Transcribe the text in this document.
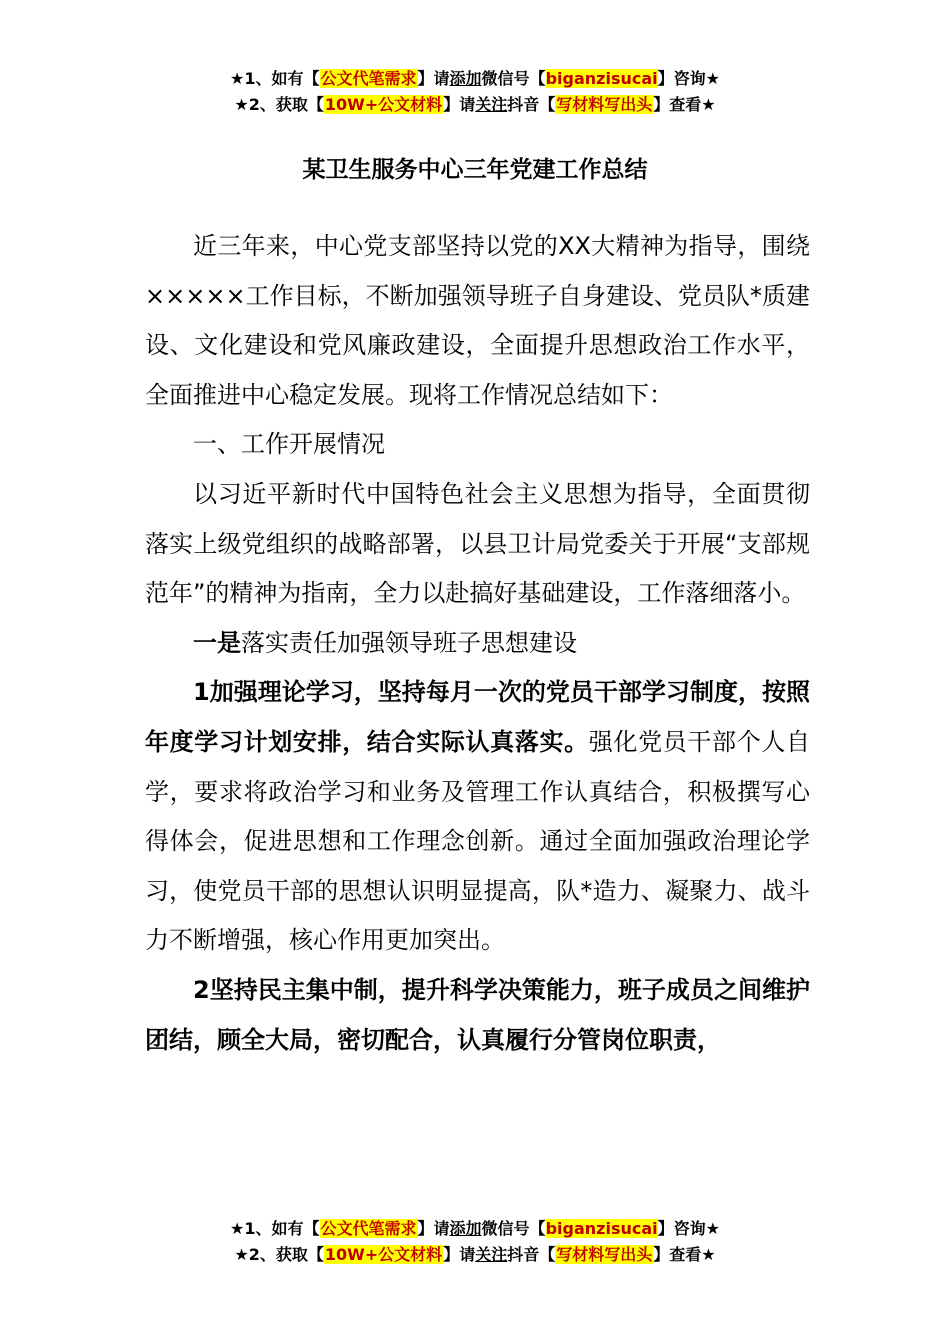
★1、如有【公文代笔需求】请添加微信号【biganzisucai】咨询★
★2、获取【10W+公文材料】请关注抖音【写材料写出头】查看★
某卫生服务中心三年党建工作总结

近三年来，中心党支部坚持以党的XX大精神为指导，围绕×××××工作目标，不断加强领导班子自身建设、党员队*质建设、文化建设和党风廉政建设，全面提升思想政治工作水平，全面推进中心稳定发展。现将工作情况总结如下：

一、工作开展情况

以习近平新时代中国特色社会主义思想为指导，全面贯彻落实上级党组织的战略部署，以县卫计局党委关于开展“支部规范年”的精神为指南，全力以赴搞好基础建设，工作落细落小。

一是落实责任加强领导班子思想建设

1加强理论学习，坚持每月一次的党员干部学习制度，按照年度学习计划安排，结合实际认真落实。强化党员干部个人自学，要求将政治学习和业务及管理工作认真结合，积极撰写心得体会，促进思想和工作理念创新。通过全面加强政治理论学习，使党员干部的思想认识明显提高，队*造力、凝聚力、战斗力不断增强，核心作用更加突出。

2坚持民主集中制，提升科学决策能力，班子成员之间维护团结，顾全大局，密切配合，认真履行分管岗位职责，

★1、如有【公文代笔需求】请添加微信号【biganzisucai】咨询★
★2、获取【10W+公文材料】请关注抖音【写材料写出头】查看★
